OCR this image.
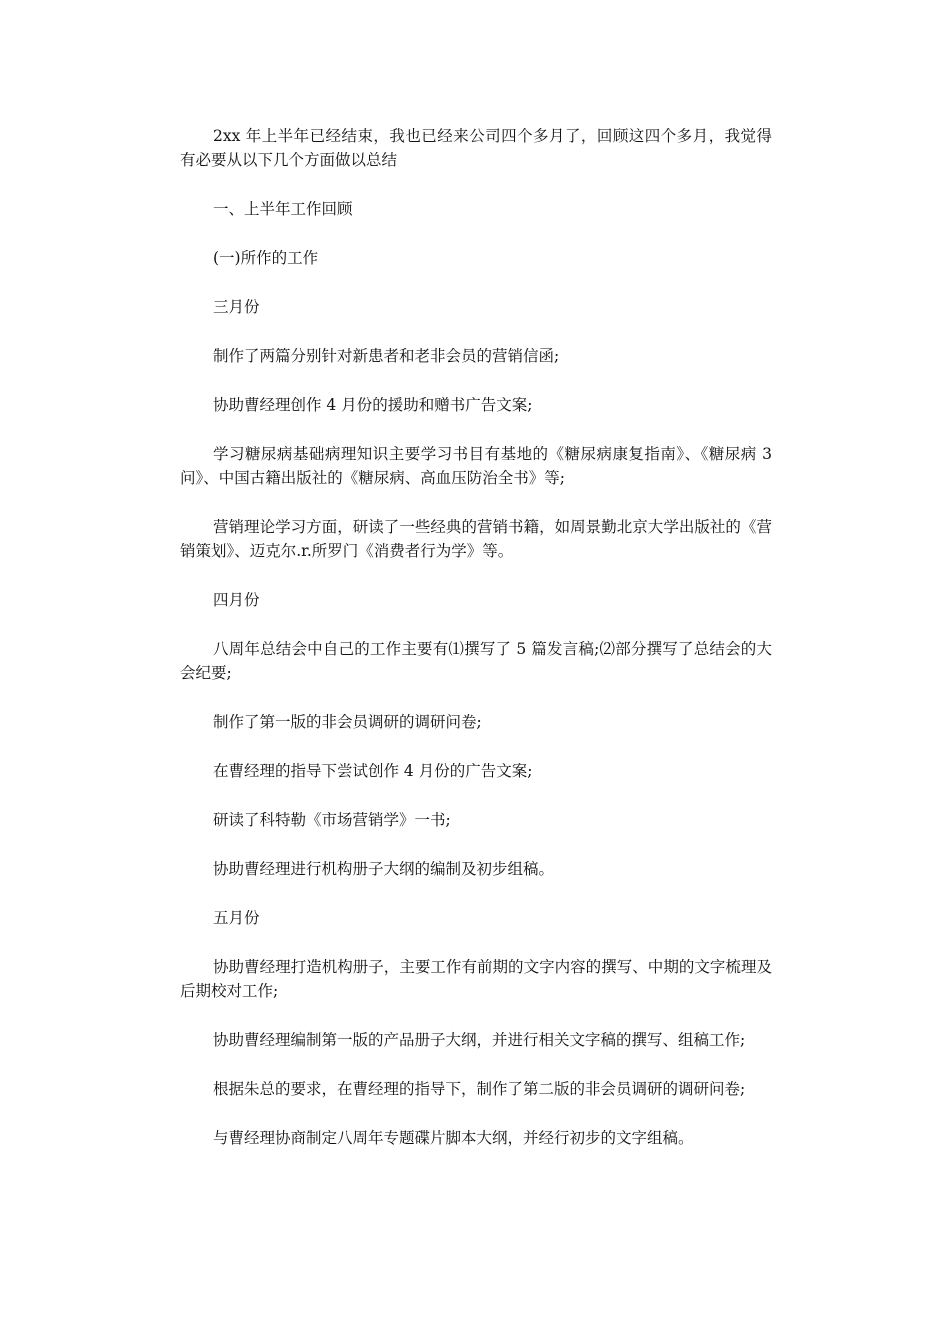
2xx 年上半年已经结束，我也已经来公司四个多月了，回顾这四个多月，我觉得有必要从以下几个方面做以总结

一、上半年工作回顾

(一)所作的工作

三月份

制作了两篇分别针对新患者和老非会员的营销信函;

协助曹经理创作 4 月份的援助和赠书广告文案;

学习糖尿病基础病理知识主要学习书目有基地的《糖尿病康复指南》、《糖尿病 3 问》、中国古籍出版社的《糖尿病、高血压防治全书》等;

营销理论学习方面，研读了一些经典的营销书籍，如周景勤北京大学出版社的《营销策划》、迈克尔.r.所罗门《消费者行为学》等。

四月份

八周年总结会中自己的工作主要有⑴撰写了 5 篇发言稿;⑵部分撰写了总结会的大会纪要;

制作了第一版的非会员调研的调研问卷;

在曹经理的指导下尝试创作 4 月份的广告文案;

研读了科特勒《市场营销学》一书;

协助曹经理进行机构册子大纲的编制及初步组稿。

五月份

协助曹经理打造机构册子，主要工作有前期的文字内容的撰写、中期的文字梳理及后期校对工作;

协助曹经理编制第一版的产品册子大纲，并进行相关文字稿的撰写、组稿工作;

根据朱总的要求，在曹经理的指导下，制作了第二版的非会员调研的调研问卷;

与曹经理协商制定八周年专题碟片脚本大纲，并经行初步的文字组稿。
